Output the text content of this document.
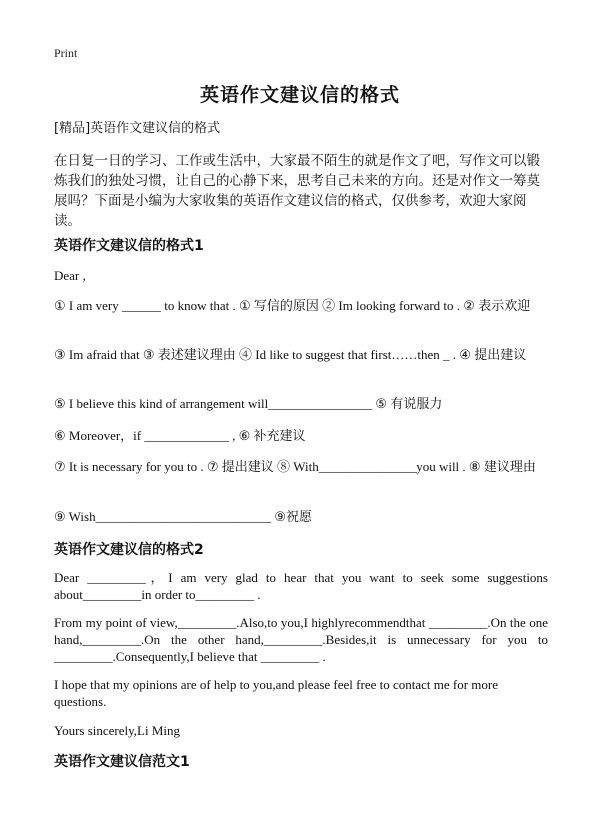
Print
英语作文建议信的格式

[精品]英语作文建议信的格式

在日复一日的学习、工作或生活中，大家最不陌生的就是作文了吧，写作文可以锻炼我们的独处习惯，让自己的心静下来，思考自己未来的方向。还是对作文一筹莫展吗？下面是小编为大家收集的英语作文建议信的格式，仅供参考，欢迎大家阅读。

英语作文建议信的格式1

Dear ,

① I am very ______ to know that . ① 写信的原因 ② Im looking forward to . ② 表示欢迎

③ Im afraid that ③ 表述建议理由 ④ Id like to suggest that first……then _ . ④ 提出建议

⑤ I believe this kind of arrangement will________________ ⑤ 有说服力

⑥ Moreover，if _____________ , ⑥ 补充建议

⑦ It is necessary for you to . ⑦ 提出建议 ⑧ With_______________you will . ⑧ 建议理由

⑨ Wish___________________________ ⑨祝愿

英语作文建议信的格式2

Dear _________，I am very glad to hear that you want to seek some suggestions about_________in order to_________ .

From my point of view,_________.Also,to you,I highlyrecommendthat _________.On the one hand,_________.On the other hand,_________.Besides,it is unnecessary for you to _________.Consequently,I believe that _________ .

I hope that my opinions are of help to you,and please feel free to contact me for more questions.

Yours sincerely,Li Ming

英语作文建议信范文1
